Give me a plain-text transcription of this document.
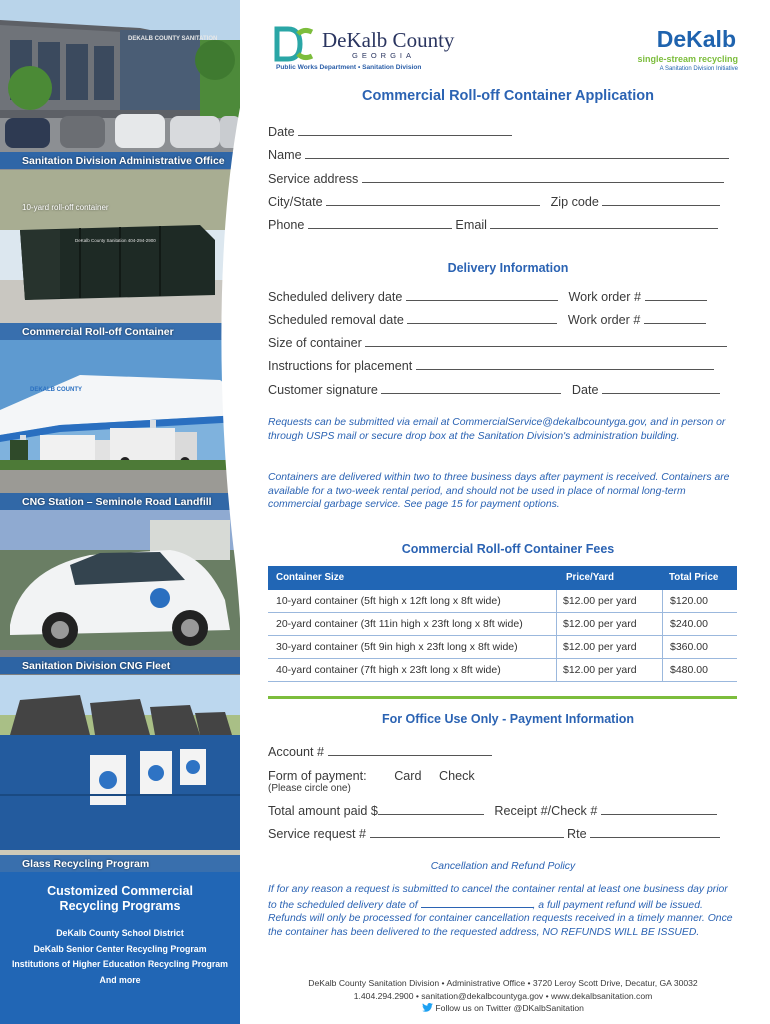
DEKALB COUNTY SANITATION
Sanitation Division Administrative Office
DeKalb County Sanitation 404-294-2900
10-yard roll-off container
Commercial Roll-off Container
DEKALB COUNTY
CNG Station – Seminole Road Landfill
Sanitation Division CNG Fleet
Glass Recycling Program
Customized Commercial Recycling Programs
DeKalb County School District
DeKalb Senior Center Recycling Program
Institutions of Higher Education Recycling Program
And more
DeKalb County
GEORGIA
Public Works Department • Sanitation Division
DeKalb
single-stream recycling
A Sanitation Division Initiative
Commercial Roll-off Container Application
Date
Name
Service address
City/State	Zip code
Phone	Email
Delivery Information
Scheduled delivery date	Work order #
Scheduled removal date	Work order #
Size of container
Instructions for placement
Customer signature	Date
Requests can be submitted via email at CommercialService@dekalbcountyga.gov, and in person or through USPS mail or secure drop box at the Sanitation Division's administration building.
Containers are delivered within two to three business days after payment is received. Containers are available for a two-week rental period, and should not be used in place of normal long-term commercial garbage service. See page 15 for payment options.
Commercial Roll-off Container Fees
Container Size	Price/Yard	Total Price
10-yard container (5ft high x 12ft long x 8ft wide)	$12.00 per yard	$120.00
20-yard container (3ft 11in high x 23ft long x 8ft wide)	$12.00 per yard	$240.00
30-yard container (5ft 9in high x 23ft long x 8ft wide)	$12.00 per yard	$360.00
40-yard container (7ft high x 23ft long x 8ft wide)	$12.00 per yard	$480.00
For Office Use Only - Payment Information
Account #
Form of payment: Card Check
(Please circle one)
Total amount paid $	Receipt #/Check #
Service request #	Rte
Cancellation and Refund Policy
If for any reason a request is submitted to cancel the container rental at least one business day prior to the scheduled delivery date of	, a full payment refund will be issued. Refunds will only be processed for container cancellation requests received in a timely manner. Once the container has been delivered to the requested address, NO REFUNDS WILL BE ISSUED.
DeKalb County Sanitation Division • Administrative Office • 3720 Leroy Scott Drive, Decatur, GA 30032
1.404.294.2900 • sanitation@dekalbcountyga.gov • www.dekalbsanitation.com
Follow us on Twitter @DKalbSanitation
